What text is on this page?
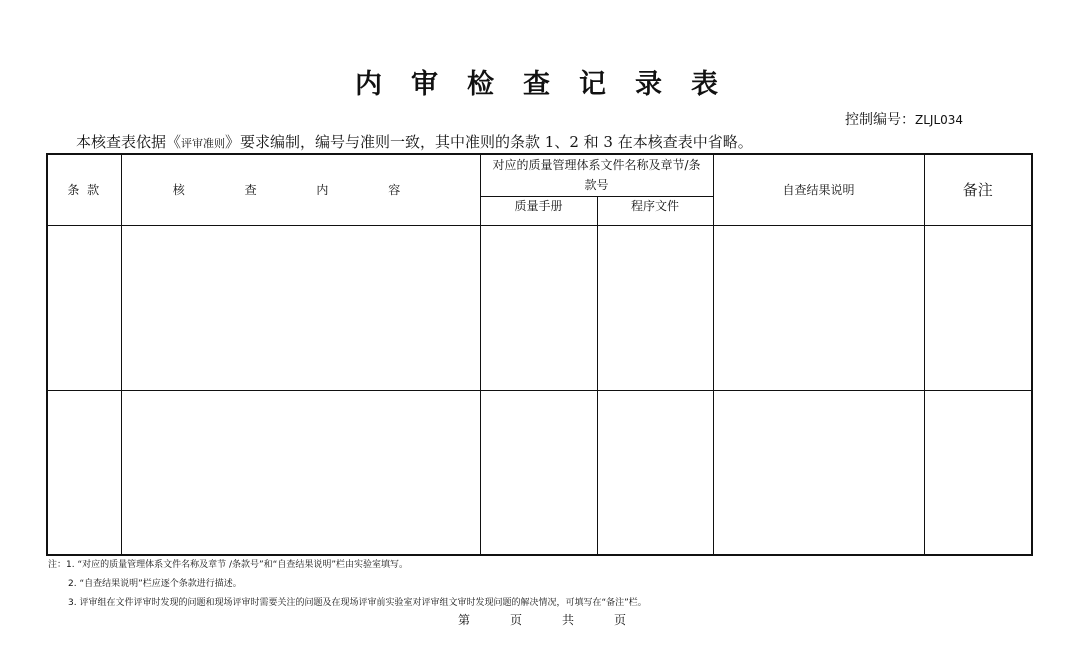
内审检查记录表
控制编号：ZLJL034
本核查表依据《评审准则》要求编制，编号与准则一致，其中准则的条款 1、2 和 3 在本核查表中省略。
条 款	核 查 内 容	对应的质量管理体系文件名称及章节/条款号		自查结果说明	备注
		质量手册	程序文件		

注：1. “对应的质量管理体系文件名称及章节 /条款号”和“自查结果说明”栏由实验室填写。
2. “自查结果说明”栏应逐个条款进行描述。
3. 评审组在文件评审时发现的问题和现场评审时需要关注的问题及在现场评审前实验室对评审组文审时发现问题的解决情况，可填写在“备注”栏。
第	页	共	页
